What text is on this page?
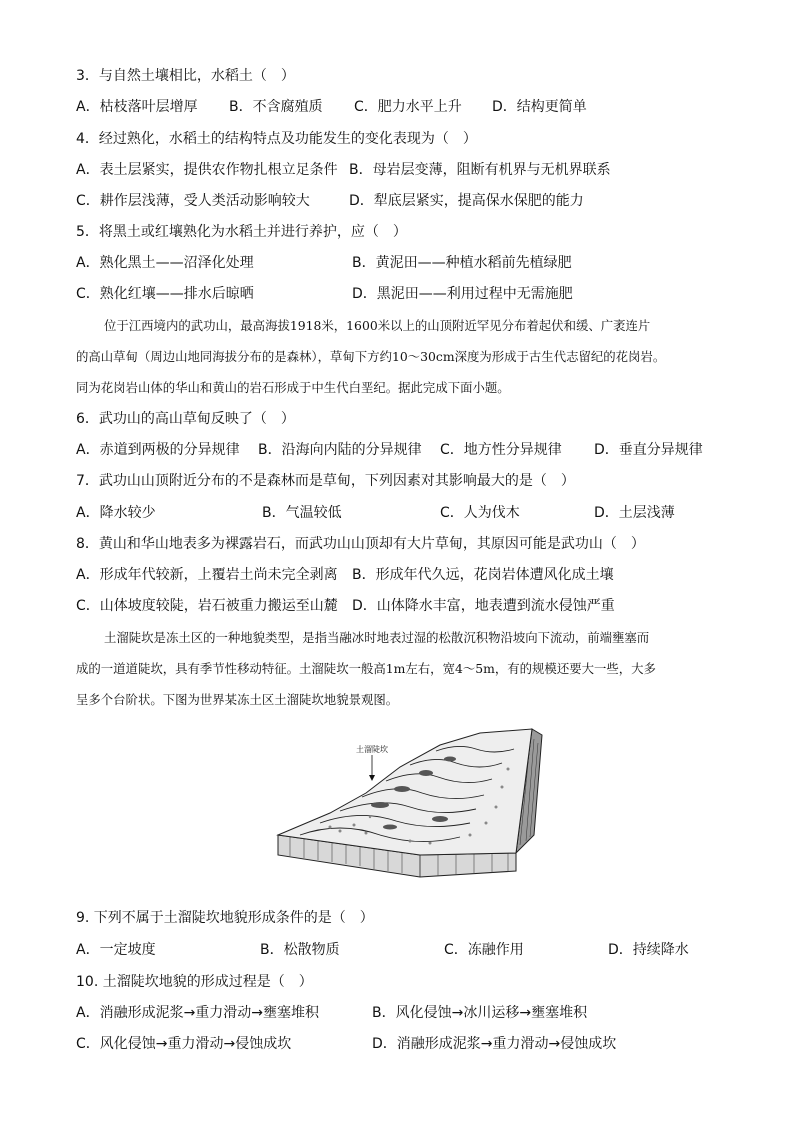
3．与自然土壤相比，水稻土（　）
A．枯枝落叶层增厚 B．不含腐殖质 C．肥力水平上升 D．结构更简单
4．经过熟化，水稻土的结构特点及功能发生的变化表现为（　）
A．表土层紧实，提供农作物扎根立足条件 B．母岩层变薄，阻断有机界与无机界联系
C．耕作层浅薄，受人类活动影响较大	D．犁底层紧实，提高保水保肥的能力
5．将黑土或红壤熟化为水稻土并进行养护，应（　）
A．熟化黑土——沼泽化处理	B．黄泥田——种植水稻前先植绿肥
C．熟化红壤——排水后晾晒	D．黑泥田——利用过程中无需施肥
位于江西境内的武功山，最高海拔1918米，1600米以上的山顶附近罕见分布着起伏和缓、广袤连片
的高山草甸（周边山地同海拔分布的是森林），草甸下方约10～30cm深度为形成于古生代志留纪的花岗岩。
同为花岗岩山体的华山和黄山的岩石形成于中生代白垩纪。据此完成下面小题。
6．武功山的高山草甸反映了（　）
A．赤道到两极的分异规律 B．沿海向内陆的分异规律 C．地方性分异规律 D．垂直分异规律
7．武功山山顶附近分布的不是森林而是草甸，下列因素对其影响最大的是（　）
A．降水较少	B．气温较低	C．人为伐木	D．土层浅薄
8．黄山和华山地表多为裸露岩石，而武功山山顶却有大片草甸，其原因可能是武功山（　）
A．形成年代较新，上覆岩土尚未完全剥离 B．形成年代久远，花岗岩体遭风化成土壤
C．山体坡度较陡，岩石被重力搬运至山麓 D．山体降水丰富，地表遭到流水侵蚀严重
土溜陡坎是冻土区的一种地貌类型，是指当融冰时地表过湿的松散沉积物沿坡向下流动，前端壅塞而
成的一道道陡坎，具有季节性移动特征。土溜陡坎一般高1m左右，宽4～5m，有的规模还要大一些，大多
呈多个台阶状。下图为世界某冻土区土溜陡坎地貌景观图。
土溜陡坎
9. 下列不属于土溜陡坎地貌形成条件的是（　）
A．一定坡度	B．松散物质	C．冻融作用	D．持续降水
10. 土溜陡坎地貌的形成过程是（　）
A．消融形成泥浆→重力滑动→壅塞堆积	B．风化侵蚀→冰川运移→壅塞堆积
C．风化侵蚀→重力滑动→侵蚀成坎	D．消融形成泥浆→重力滑动→侵蚀成坎
